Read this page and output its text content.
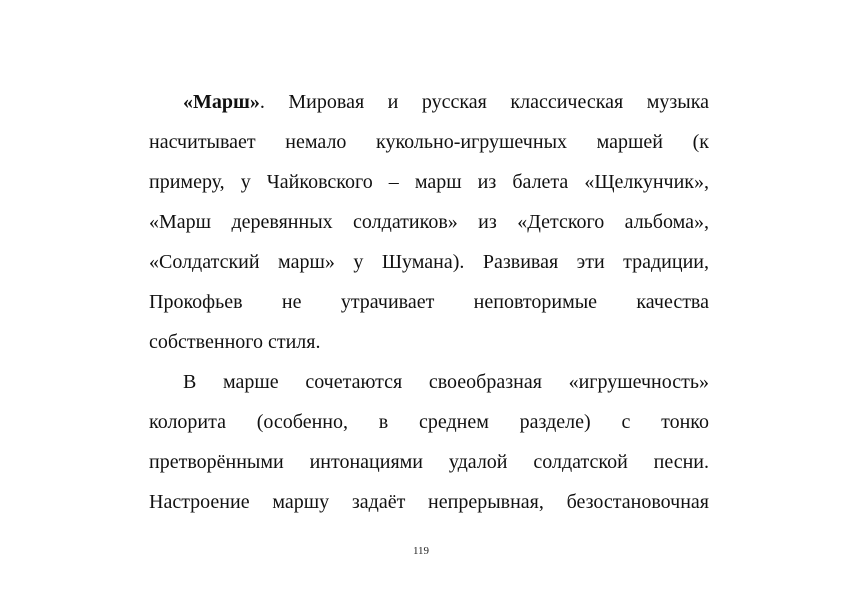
«Марш». Мировая и русская классическая музыка
насчитывает немало кукольно-игрушечных маршей (к
примеру, у Чайковского – марш из балета «Щелкунчик»,
«Марш деревянных солдатиков» из «Детского альбома»,
«Солдатский марш» у Шумана). Развивая эти традиции,
Прокофьев не утрачивает неповторимые качества
собственного стиля.
В марше сочетаются своеобразная «игрушечность»
колорита (особенно, в среднем разделе) с тонко
претворёнными интонациями удалой солдатской песни.
Настроение маршу задаёт непрерывная, безостановочная
119
